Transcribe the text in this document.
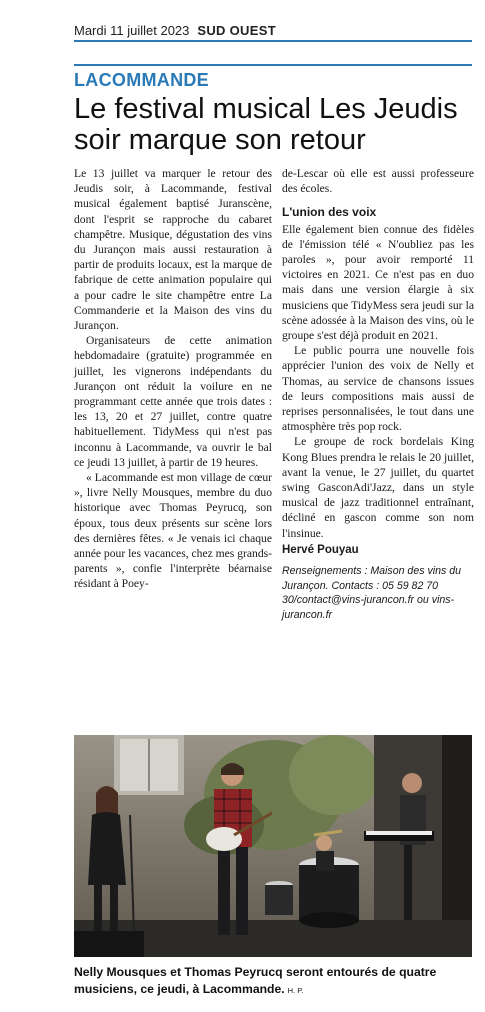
Mardi 11 juillet 2023 SUD OUEST
LACOMMANDE
Le festival musical Les Jeudis soir marque son retour

Le 13 juillet va marquer le retour des Jeudis soir, à Lacommande, festival musical également baptisé Juranscène, dont l'esprit se rapproche du cabaret champêtre. Musique, dégustation des vins du Jurançon mais aussi restauration à partir de produits locaux, est la marque de fabrique de cette animation populaire qui a pour cadre le site champêtre entre La Commanderie et la Maison des vins du Jurançon.

Organisateurs de cette animation hebdomadaire (gratuite) programmée en juillet, les vignerons indépendants du Jurançon ont réduit la voilure en ne programmant cette année que trois dates : les 13, 20 et 27 juillet, contre quatre habituellement. TidyMess qui n'est pas inconnu à Lacommande, va ouvrir le bal ce jeudi 13 juillet, à partir de 19 heures.

« Lacommande est mon village de cœur », livre Nelly Mousques, membre du duo historique avec Thomas Peyrucq, son époux, tous deux présents sur scène lors des dernières fêtes. « Je venais ici chaque année pour les vacances, chez mes grands-parents », confie l'interprète béarnaise résidant à Poey-

de-Lescar où elle est aussi professeure des écoles.

L'union des voix

Elle également bien connue des fidèles de l'émission télé « N'oubliez pas les paroles », pour avoir remporté 11 victoires en 2021. Ce n'est pas en duo mais dans une version élargie à six musiciens que TidyMess sera jeudi sur la scène adossée à la Maison des vins, où le groupe s'est déjà produit en 2021.

Le public pourra une nouvelle fois apprécier l'union des voix de Nelly et Thomas, au service de chansons issues de leurs compositions mais aussi de reprises personnalisées, le tout dans une atmosphère très pop rock.

Le groupe de rock bordelais King Kong Blues prendra le relais le 20 juillet, avant la venue, le 27 juillet, du quartet swing GasconAdi'Jazz, dans un style musical de jazz traditionnel entraînant, décliné en gascon comme son nom l'insinue.

Hervé Pouyau

Renseignements : Maison des vins du Jurançon. Contacts : 05 59 82 70 30/contact@vins-jurancon.fr ou vins-jurancon.fr

Nelly Mousques et Thomas Peyrucq seront entourés de quatre musiciens, ce jeudi, à Lacommande. H. P.
